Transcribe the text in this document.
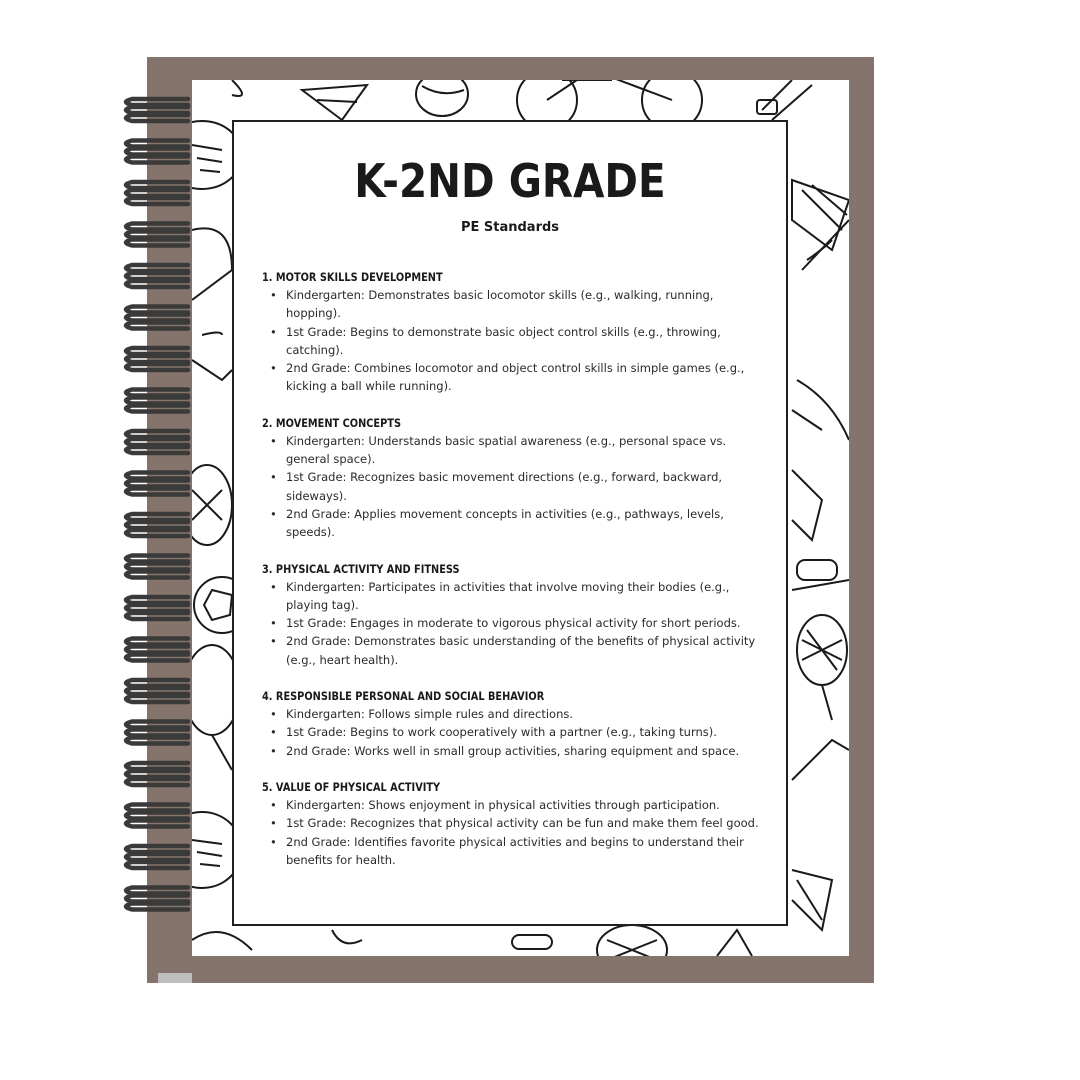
K-2ND GRADE
PE Standards
1. MOTOR SKILLS DEVELOPMENT
• Kindergarten: Demonstrates basic locomotor skills (e.g., walking, running, hopping).
• 1st Grade: Begins to demonstrate basic object control skills (e.g., throwing, catching).
• 2nd Grade: Combines locomotor and object control skills in simple games (e.g., kicking a ball while running).
2. MOVEMENT CONCEPTS
• Kindergarten: Understands basic spatial awareness (e.g., personal space vs. general space).
• 1st Grade: Recognizes basic movement directions (e.g., forward, backward, sideways).
• 2nd Grade: Applies movement concepts in activities (e.g., pathways, levels, speeds).
3. PHYSICAL ACTIVITY AND FITNESS
• Kindergarten: Participates in activities that involve moving their bodies (e.g., playing tag).
• 1st Grade: Engages in moderate to vigorous physical activity for short periods.
• 2nd Grade: Demonstrates basic understanding of the benefits of physical activity (e.g., heart health).
4. RESPONSIBLE PERSONAL AND SOCIAL BEHAVIOR
• Kindergarten: Follows simple rules and directions.
• 1st Grade: Begins to work cooperatively with a partner (e.g., taking turns).
• 2nd Grade: Works well in small group activities, sharing equipment and space.
5. VALUE OF PHYSICAL ACTIVITY
• Kindergarten: Shows enjoyment in physical activities through participation.
• 1st Grade: Recognizes that physical activity can be fun and make them feel good.
• 2nd Grade: Identifies favorite physical activities and begins to understand their benefits for health.
